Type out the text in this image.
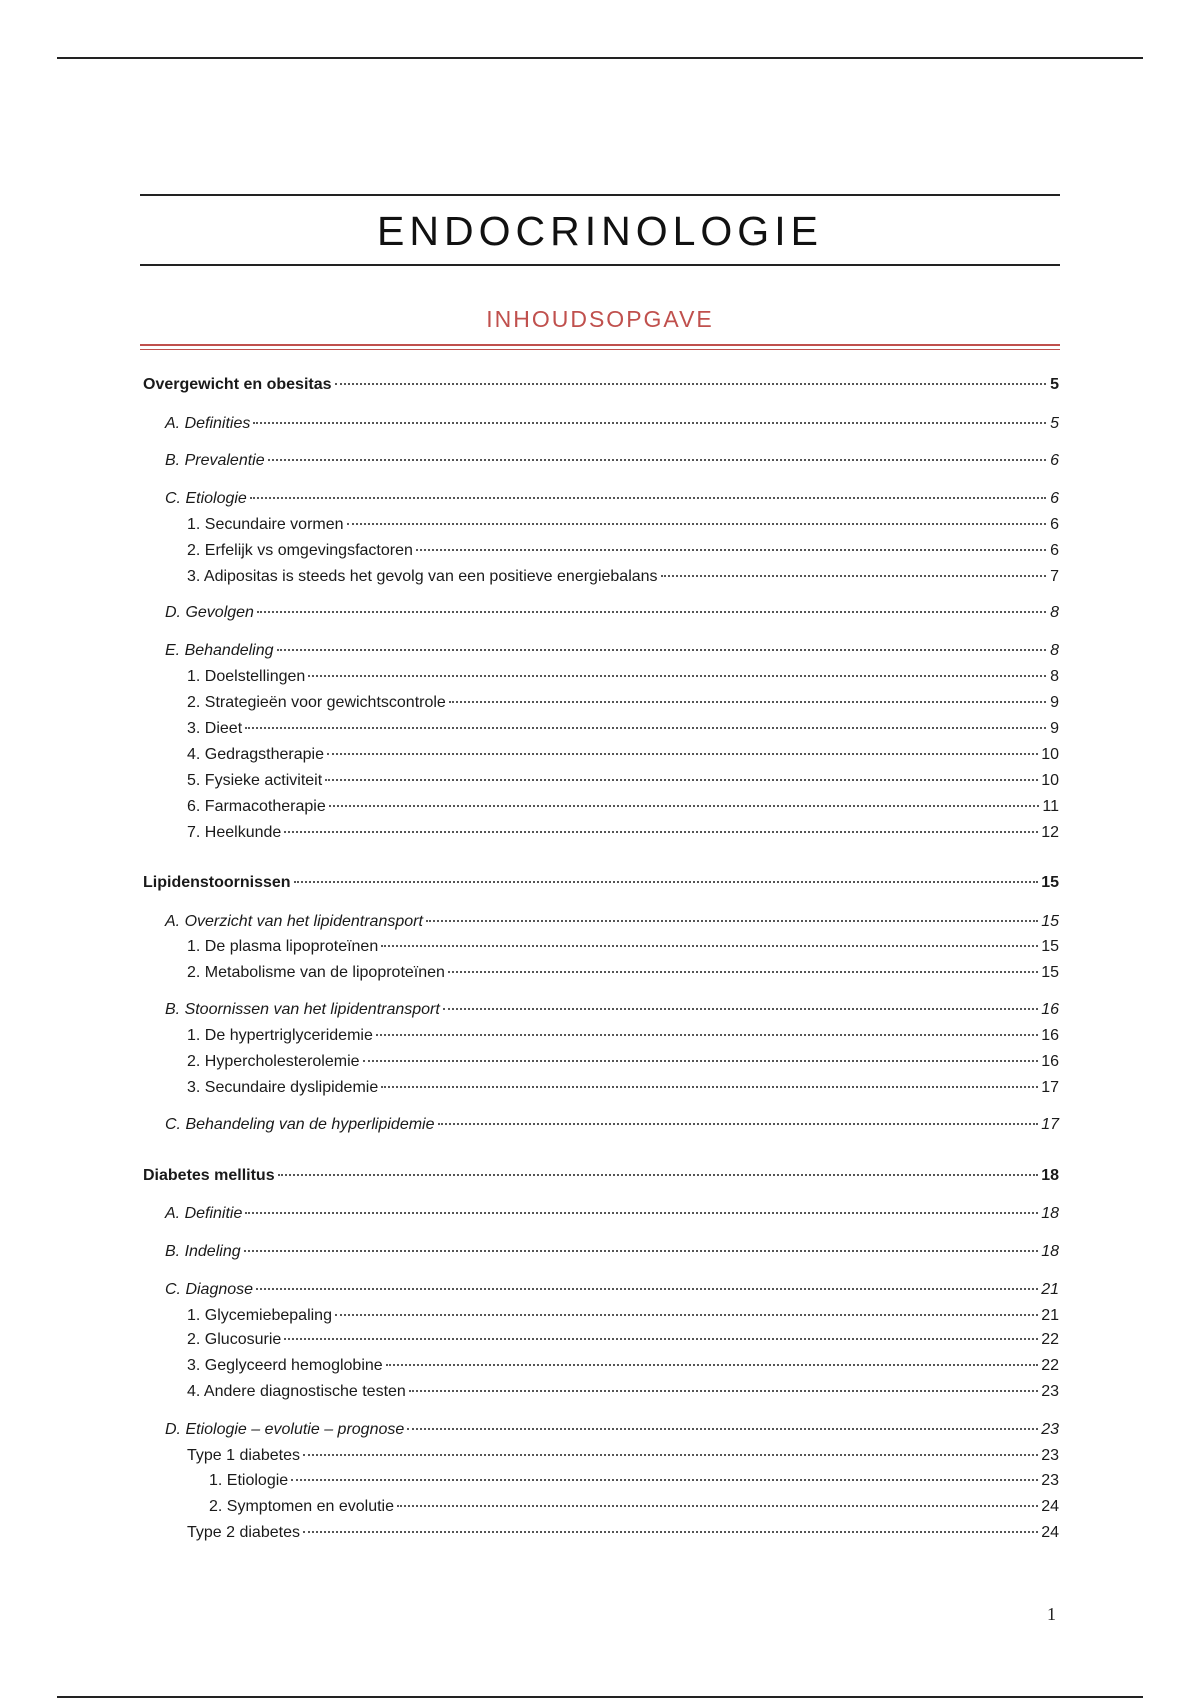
ENDOCRINOLOGIE
INHOUDSOPGAVE
Overgewicht en obesitas	5
A. Definities	5
B. Prevalentie	6
C. Etiologie	6
1. Secundaire vormen	6
2. Erfelijk vs omgevingsfactoren	6
3. Adipositas is steeds het gevolg van een positieve energiebalans	7
D. Gevolgen	8
E. Behandeling	8
1. Doelstellingen	8
2. Strategieën voor gewichtscontrole	9
3. Dieet	9
4. Gedragstherapie	10
5. Fysieke activiteit	10
6. Farmacotherapie	11
7. Heelkunde	12
Lipidenstoornissen	15
A. Overzicht van het lipidentransport	15
1. De plasma lipoproteïnen	15
2. Metabolisme van de lipoproteïnen	15
B. Stoornissen van het lipidentransport	16
1. De hypertriglyceridemie	16
2. Hypercholesterolemie	16
3. Secundaire dyslipidemie	17
C. Behandeling van de hyperlipidemie	17
Diabetes mellitus	18
A. Definitie	18
B. Indeling	18
C. Diagnose	21
1. Glycemiebepaling	21
2. Glucosurie	22
3. Geglyceerd hemoglobine	22
4. Andere diagnostische testen	23
D. Etiologie – evolutie – prognose	23
Type 1 diabetes	23
1. Etiologie	23
2. Symptomen en evolutie	24
Type 2 diabetes	24
1
